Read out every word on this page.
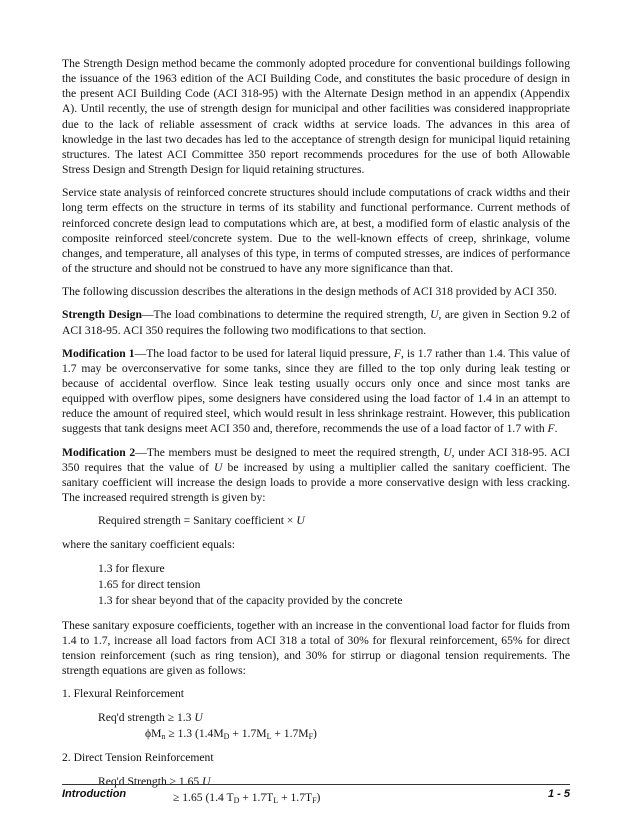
The Strength Design method became the commonly adopted procedure for conventional buildings following the issuance of the 1963 edition of the ACI Building Code, and constitutes the basic procedure of design in the present ACI Building Code (ACI 318-95) with the Alternate Design method in an appendix (Appendix A). Until recently, the use of strength design for municipal and other facilities was considered inappropriate due to the lack of reliable assessment of crack widths at service loads. The advances in this area of knowledge in the last two decades has led to the acceptance of strength design for municipal liquid retaining structures. The latest ACI Committee 350 report recommends procedures for the use of both Allowable Stress Design and Strength Design for liquid retaining structures.

Service state analysis of reinforced concrete structures should include computations of crack widths and their long term effects on the structure in terms of its stability and functional performance. Current methods of reinforced concrete design lead to computations which are, at best, a modified form of elastic analysis of the composite reinforced steel/concrete system. Due to the well-known effects of creep, shrinkage, volume changes, and temperature, all analyses of this type, in terms of computed stresses, are indices of performance of the structure and should not be construed to have any more significance than that.

The following discussion describes the alterations in the design methods of ACI 318 provided by ACI 350.

Strength Design—The load combinations to determine the required strength, U, are given in Section 9.2 of ACI 318-95. ACI 350 requires the following two modifications to that section.

Modification 1—The load factor to be used for lateral liquid pressure, F, is 1.7 rather than 1.4. This value of 1.7 may be overconservative for some tanks, since they are filled to the top only during leak testing or because of accidental overflow. Since leak testing usually occurs only once and since most tanks are equipped with overflow pipes, some designers have considered using the load factor of 1.4 in an attempt to reduce the amount of required steel, which would result in less shrinkage restraint. However, this publication suggests that tank designs meet ACI 350 and, therefore, recommends the use of a load factor of 1.7 with F.

Modification 2—The members must be designed to meet the required strength, U, under ACI 318-95. ACI 350 requires that the value of U be increased by using a multiplier called the sanitary coefficient. The sanitary coefficient will increase the design loads to provide a more conservative design with less cracking. The increased required strength is given by:

Required strength = Sanitary coefficient × U

where the sanitary coefficient equals:

1.3 for flexure
1.65 for direct tension
1.3 for shear beyond that of the capacity provided by the concrete

These sanitary exposure coefficients, together with an increase in the conventional load factor for fluids from 1.4 to 1.7, increase all load factors from ACI 318 a total of 30% for flexural reinforcement, 65% for direct tension reinforcement (such as ring tension), and 30% for stirrup or diagonal tension requirements. The strength equations are given as follows:

1. Flexural Reinforcement
Req'd strength ≥ 1.3 U
$\phi M_n \ge 1.3$ $(1.4M_D + 1.7M_L + 1.7M_F)$
2. Direct Tension Reinforcement
Req'd Strength ≥ 1.65 U
≥ 1.65 (1.4 $T_D + 1.7T_L + 1.7T_F$)
Introduction	1 - 5
